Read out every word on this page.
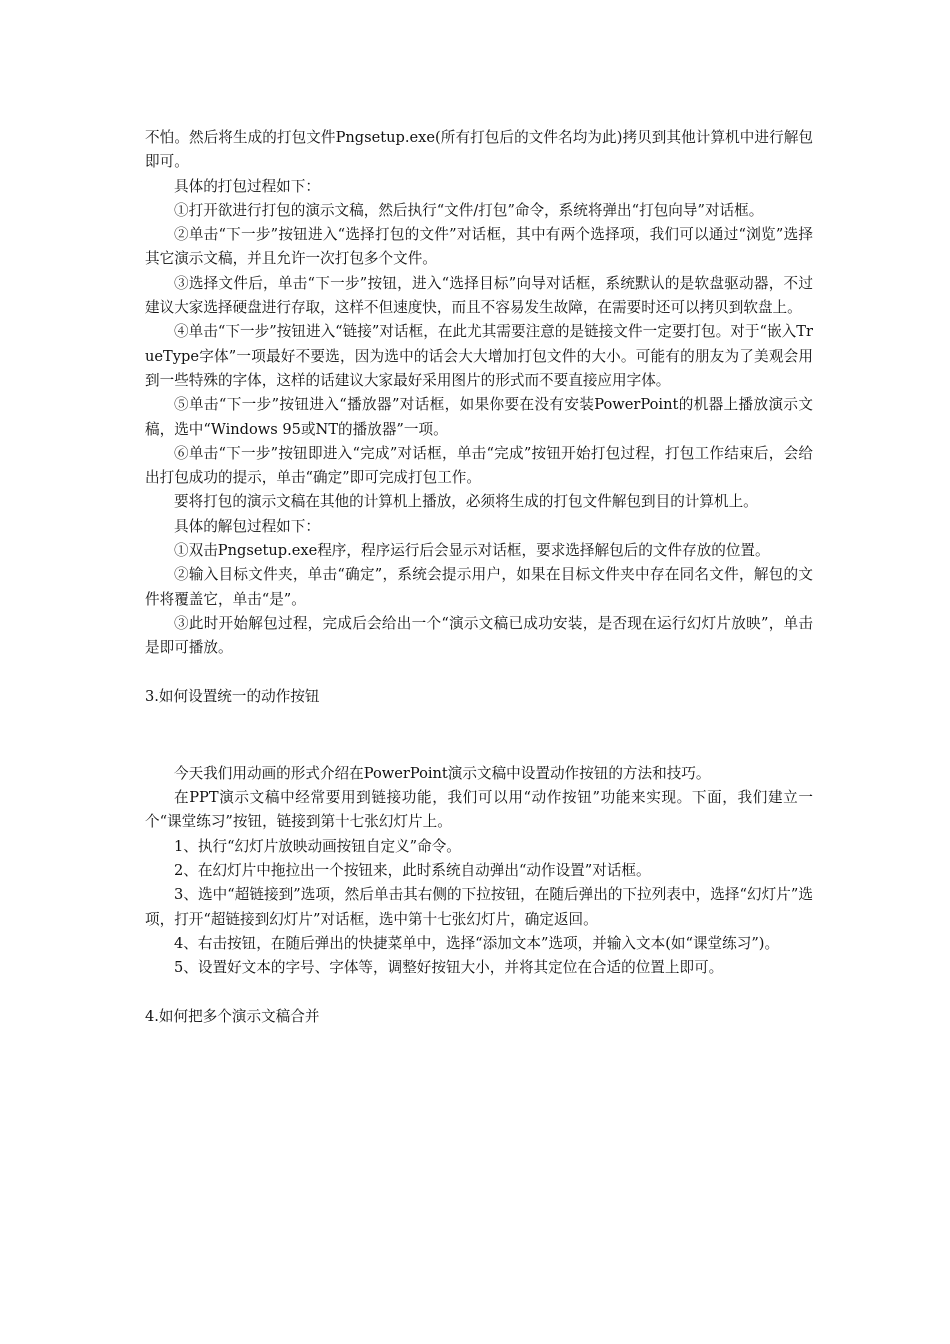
不怕。然后将生成的打包文件Pngsetup.exe(所有打包后的文件名均为此)拷贝到其他计算机中进行解包即可。

具体的打包过程如下：

①打开欲进行打包的演示文稿，然后执行“文件/打包”命令，系统将弹出“打包向导”对话框。

②单击“下一步”按钮进入“选择打包的文件”对话框，其中有两个选择项，我们可以通过“浏览”选择其它演示文稿，并且允许一次打包多个文件。

③选择文件后，单击“下一步”按钮，进入“选择目标”向导对话框，系统默认的是软盘驱动器，不过建议大家选择硬盘进行存取，这样不但速度快，而且不容易发生故障，在需要时还可以拷贝到软盘上。

④单击“下一步”按钮进入“链接”对话框，在此尤其需要注意的是链接文件一定要打包。对于“嵌入TrueType字体”一项最好不要选，因为选中的话会大大增加打包文件的大小。可能有的朋友为了美观会用到一些特殊的字体，这样的话建议大家最好采用图片的形式而不要直接应用字体。

⑤单击“下一步”按钮进入“播放器”对话框，如果你要在没有安装PowerPoint的机器上播放演示文稿，选中“Windows 95或NT的播放器”一项。

⑥单击“下一步”按钮即进入“完成”对话框，单击“完成”按钮开始打包过程，打包工作结束后，会给出打包成功的提示，单击“确定”即可完成打包工作。

要将打包的演示文稿在其他的计算机上播放，必须将生成的打包文件解包到目的计算机上。

具体的解包过程如下：

①双击Pngsetup.exe程序，程序运行后会显示对话框，要求选择解包后的文件存放的位置。

②输入目标文件夹，单击“确定”，系统会提示用户，如果在目标文件夹中存在同名文件，解包的文件将覆盖它，单击“是”。

③此时开始解包过程，完成后会给出一个“演示文稿已成功安装，是否现在运行幻灯片放映”，单击是即可播放。

3.如何设置统一的动作按钮

今天我们用动画的形式介绍在PowerPoint演示文稿中设置动作按钮的方法和技巧。

在PPT演示文稿中经常要用到链接功能，我们可以用“动作按钮”功能来实现。下面，我们建立一个“课堂练习”按钮，链接到第十七张幻灯片上。

1、执行“幻灯片放映动画按钮自定义”命令。

2、在幻灯片中拖拉出一个按钮来，此时系统自动弹出“动作设置”对话框。

3、选中“超链接到”选项，然后单击其右侧的下拉按钮，在随后弹出的下拉列表中，选择“幻灯片”选项，打开“超链接到幻灯片”对话框，选中第十七张幻灯片，确定返回。

4、右击按钮，在随后弹出的快捷菜单中，选择“添加文本”选项，并输入文本(如“课堂练习”)。

5、设置好文本的字号、字体等，调整好按钮大小，并将其定位在合适的位置上即可。

4.如何把多个演示文稿合并
